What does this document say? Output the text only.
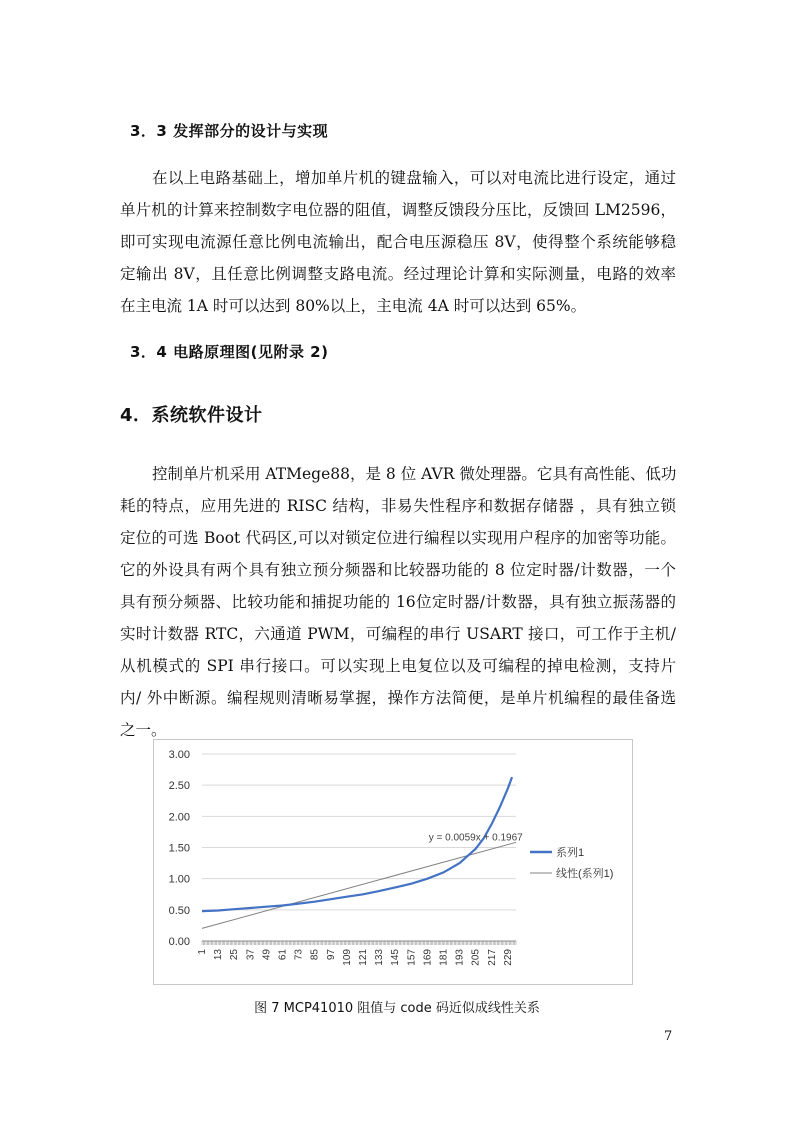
3．3 发挥部分的设计与实现
在以上电路基础上，增加单片机的键盘输入，可以对电流比进行设定，通过
单片机的计算来控制数字电位器的阻值，调整反馈段分压比，反馈回 LM2596，
即可实现电流源任意比例电流输出，配合电压源稳压 8V，使得整个系统能够稳
定输出 8V，且任意比例调整支路电流。经过理论计算和实际测量，电路的效率
在主电流 1A 时可以达到 80%以上，主电流 4A 时可以达到 65%。
3．4 电路原理图(见附录 2)
4．系统软件设计
控制单片机采用 ATMege88，是 8 位 AVR 微处理器。它具有高性能、低功
耗的特点，应用先进的 RISC 结构，非易失性程序和数据存储器 ，具有独立锁
定位的可选 Boot 代码区,可以对锁定位进行编程以实现用户程序的加密等功能。
它的外设具有两个具有独立预分频器和比较器功能的 8 位定时器/计数器，一个
具有预分频器、比较功能和捕捉功能的 16位定时器/计数器，具有独立振荡器的
实时计数器 RTC，六通道 PWM，可编程的串行 USART 接口，可工作于主机/
从机模式的 SPI 串行接口。可以实现上电复位以及可编程的掉电检测，支持片
内/ 外中断源。编程规则清晰易掌握，操作方法简便，是单片机编程的最佳备选
之一。
0.00
0.50
1.00
1.50
2.00
2.50
3.00
1 13 25 37 49 61 73 85 97 109 121 133 145 157 169 181 193 205 217 229
y = 0.0059x + 0.1967
系列1
线性(系列1)
图 7 MCP41010 阻值与 code 码近似成线性关系
7
